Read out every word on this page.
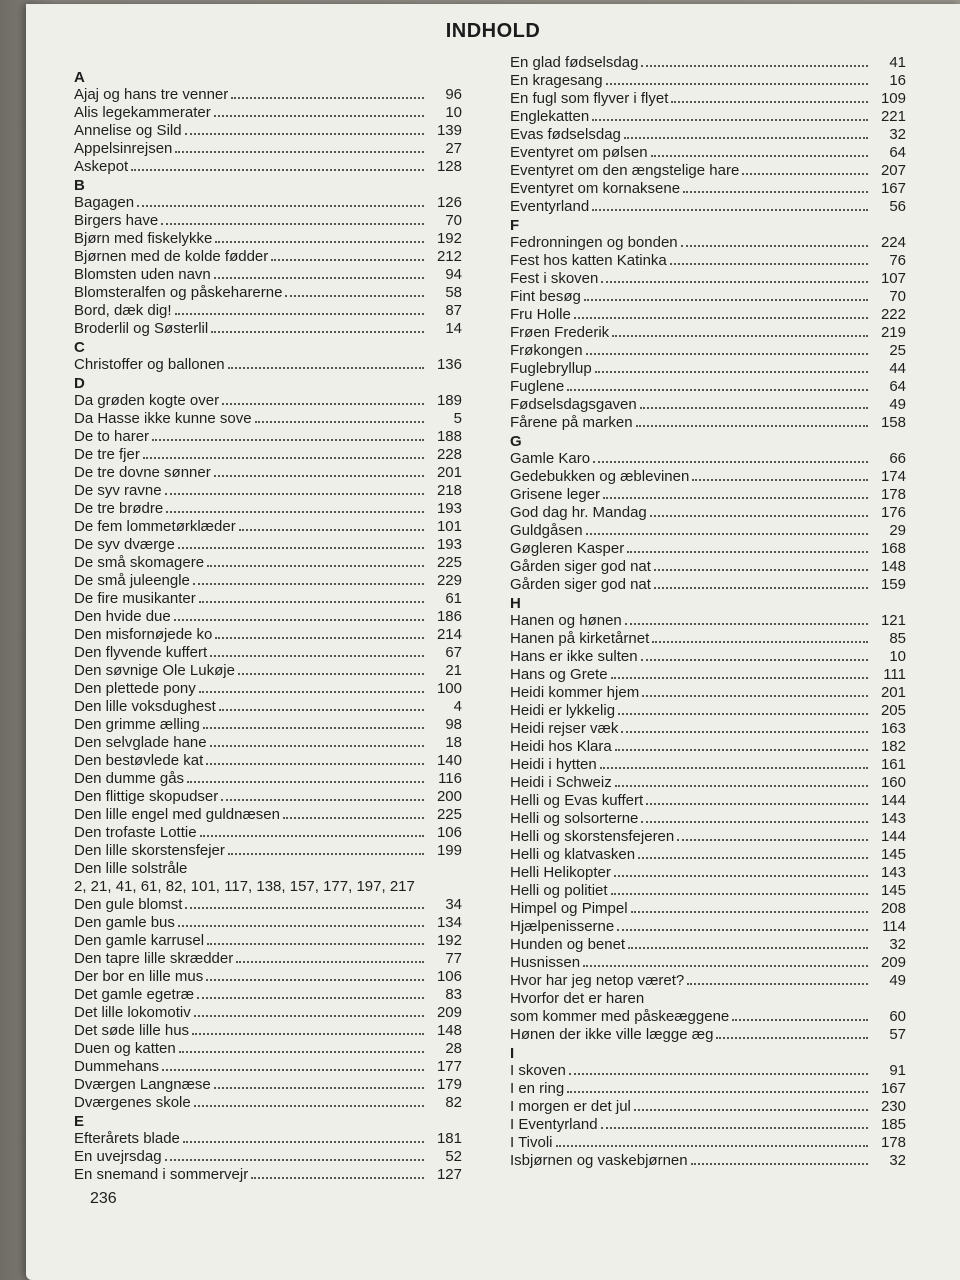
INDHOLD
A
Ajaj og hans tre venner	96
Alis legekammerater	10
Annelise og Sild	139
Appelsinrejsen	27
Askepot	128
B
Bagagen	126
Birgers have	70
Bjørn med fiskelykke	192
Bjørnen med de kolde fødder	212
Blomsten uden navn	94
Blomsteralfen og påskeharerne	58
Bord, dæk dig!	87
Broderlil og Søsterlil	14
C
Christoffer og ballonen	136
D
Da grøden kogte over	189
Da Hasse ikke kunne sove	5
De to harer	188
De tre fjer	228
De tre dovne sønner	201
De syv ravne	218
De tre brødre	193
De fem lommetørklæder	101
De syv dværge	193
De små skomagere	225
De små juleengle	229
De fire musikanter	61
Den hvide due	186
Den misfornøjede ko	214
Den flyvende kuffert	67
Den søvnige Ole Lukøje	21
Den plettede pony	100
Den lille voksdughest	4
Den grimme ælling	98
Den selvglade hane	18
Den bestøvlede kat	140
Den dumme gås	116
Den flittige skopudser	200
Den lille engel med guldnæsen	225
Den trofaste Lottie	106
Den lille skorstensfejer	199
Den lille solstråle
2, 21, 41, 61, 82, 101, 117, 138, 157, 177, 197, 217
Den gule blomst	34
Den gamle bus	134
Den gamle karrusel	192
Den tapre lille skrædder	77
Der bor en lille mus	106
Det gamle egetræ	83
Det lille lokomotiv	209
Det søde lille hus	148
Duen og katten	28
Dummehans	177
Dværgen Langnæse	179
Dværgenes skole	82
E
Efterårets blade	181
En uvejrsdag	52
En snemand i sommervejr	127
En glad fødselsdag	41
En kragesang	16
En fugl som flyver i flyet	109
Englekatten	221
Evas fødselsdag	32
Eventyret om pølsen	64
Eventyret om den ængstelige hare	207
Eventyret om kornaksene	167
Eventyrland	56
F
Fedronningen og bonden	224
Fest hos katten Katinka	76
Fest i skoven	107
Fint besøg	70
Fru Holle	222
Frøen Frederik	219
Frøkongen	25
Fuglebryllup	44
Fuglene	64
Fødselsdagsgaven	49
Fårene på marken	158
G
Gamle Karo	66
Gedebukken og æblevinen	174
Grisene leger	178
God dag hr. Mandag	176
Guldgåsen	29
Gøgleren Kasper	168
Gården siger god nat	148
Gården siger god nat	159
H
Hanen og hønen	121
Hanen på kirketårnet	85
Hans er ikke sulten	10
Hans og Grete	111
Heidi kommer hjem	201
Heidi er lykkelig	205
Heidi rejser væk	163
Heidi hos Klara	182
Heidi i hytten	161
Heidi i Schweiz	160
Helli og Evas kuffert	144
Helli og solsorterne	143
Helli og skorstensfejeren	144
Helli og klatvasken	145
Helli Helikopter	143
Helli og politiet	145
Himpel og Pimpel	208
Hjælpenisserne	114
Hunden og benet	32
Husnissen	209
Hvor har jeg netop været?	49
Hvorfor det er haren
som kommer med påskeæggene	60
Hønen der ikke ville lægge æg	57
I
I skoven	91
I en ring	167
I morgen er det jul	230
I Eventyrland	185
I Tivoli	178
Isbjørnen og vaskebjørnen	32
236
